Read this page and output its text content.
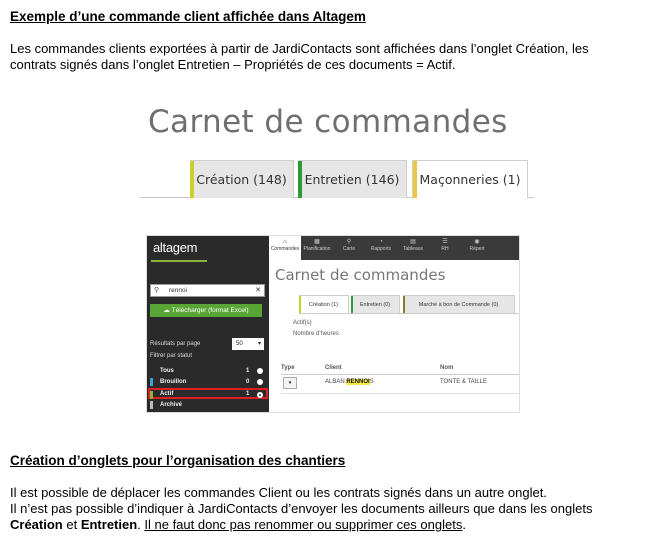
Exemple d’une commande client affichée dans Altagem
Les commandes clients exportées à partir de JardiContacts sont affichées dans l’onglet Création, les
contrats signés dans l’onglet Entretien – Propriétés de ces documents = Actif.
Carnet de commandes
Création (148)	Entretien (146)	Maçonneries (1)
altagem
⚲ rennoi	✕
☁ Télécharger (format Excel)
Résultats par page	50	▾
Filtrer par statut
Tous	1
Brouillon	0
Actif	1
Archivé
⌂
Commandes
▦
Planification
⚲
Carte
◔
Rapports
▤
Tableaux
☰
RH
◉
Répert
Carnet de commandes
Création (1)	Entretien (0)	Marché à bon de Commande (0)
Actif(s)
Nombre d'heures
Type	Client	Nom
▾	ALBAN RENNOIS	TONTE & TAILLE
Création d’onglets pour l’organisation des chantiers
Il est possible de déplacer les commandes Client ou les contrats signés dans un autre onglet.
Il n’est pas possible d’indiquer à JardiContacts d’envoyer les documents ailleurs que dans les onglets
Création et Entretien. Il ne faut donc pas renommer ou supprimer ces onglets.
